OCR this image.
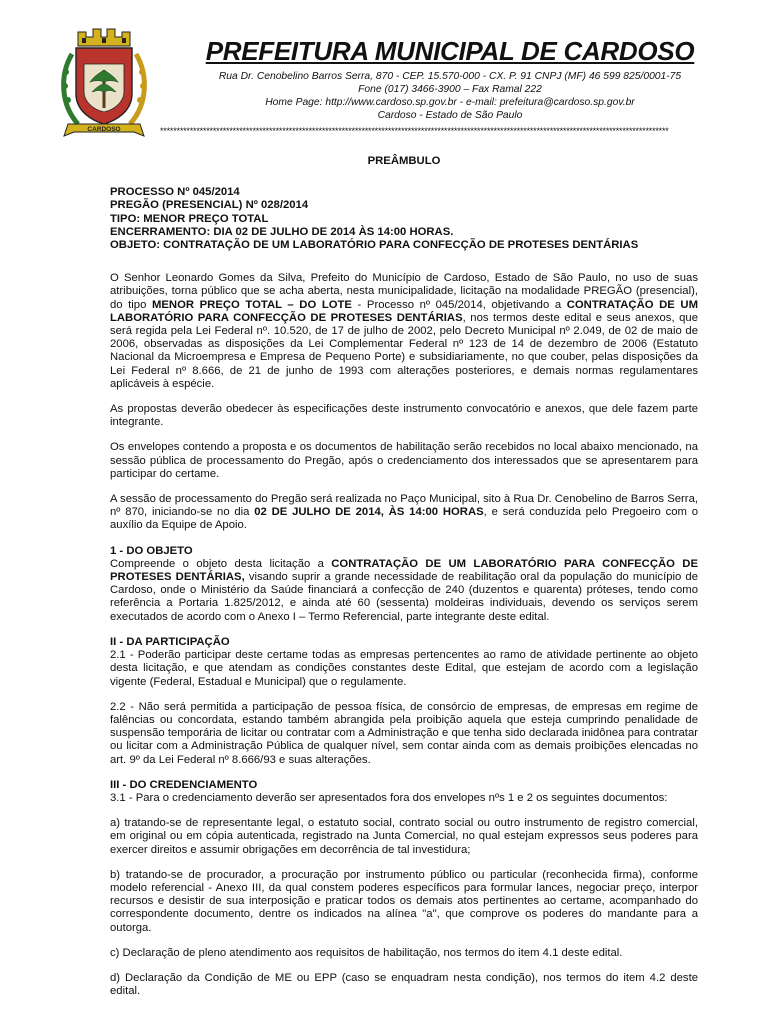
CARDOSO
PREFEITURA MUNICIPAL DE CARDOSO
Rua Dr. Cenobelino Barros Serra, 870 - CEP. 15.570-000 - CX. P. 91 CNPJ (MF) 46 599 825/0001-75
Fone (017) 3466-3900 – Fax Ramal 222
Home Page: http://www.cardoso.sp.gov.br - e-mail: prefeitura@cardoso.sp.gov.br
Cardoso - Estado de São Paulo
**********************************************************************************************************************************************************
PREÂMBULO
PROCESSO Nº 045/2014
PREGÃO (PRESENCIAL) Nº 028/2014
TIPO: MENOR PREÇO TOTAL
ENCERRAMENTO: DIA 02 DE JULHO DE 2014 ÀS 14:00 HORAS.
OBJETO: CONTRATAÇÃO DE UM LABORATÓRIO PARA CONFECÇÃO DE PROTESES DENTÁRIAS

O Senhor Leonardo Gomes da Silva, Prefeito do Município de Cardoso, Estado de São Paulo, no uso de suas atribuições, torna público que se acha aberta, nesta municipalidade, licitação na modalidade PREGÃO (presencial), do tipo MENOR PREÇO TOTAL – DO LOTE - Processo nº 045/2014, objetivando a CONTRATAÇÃO DE UM LABORATÓRIO PARA CONFECÇÃO DE PROTESES DENTÁRIAS, nos termos deste edital e seus anexos, que será regida pela Lei Federal nº. 10.520, de 17 de julho de 2002, pelo Decreto Municipal nº 2.049, de 02 de maio de 2006, observadas as disposições da Lei Complementar Federal nº 123 de 14 de dezembro de 2006 (Estatuto Nacional da Microempresa e Empresa de Pequeno Porte) e subsidiariamente, no que couber, pelas disposições da Lei Federal nº 8.666, de 21 de junho de 1993 com alterações posteriores, e demais normas regulamentares aplicáveis à espécie.

As propostas deverão obedecer às especificações deste instrumento convocatório e anexos, que dele fazem parte integrante.

Os envelopes contendo a proposta e os documentos de habilitação serão recebidos no local abaixo mencionado, na sessão pública de processamento do Pregão, após o credenciamento dos interessados que se apresentarem para participar do certame.

A sessão de processamento do Pregão será realizada no Paço Municipal, sito à Rua Dr. Cenobelino de Barros Serra, nº 870, iniciando-se no dia 02 DE JULHO DE 2014, ÀS 14:00 HORAS, e será conduzida pelo Pregoeiro com o auxílio da Equipe de Apoio.

1 - DO OBJETO

Compreende o objeto desta licitação a CONTRATAÇÃO DE UM LABORATÓRIO PARA CONFECÇÃO DE PROTESES DENTÁRIAS, visando suprir a grande necessidade de reabilitação oral da população do município de Cardoso, onde o Ministério da Saúde financiará a confecção de 240 (duzentos e quarenta) próteses, tendo como referência a Portaria 1.825/2012, e ainda até 60 (sessenta) moldeiras individuais, devendo os serviços serem executados de acordo com o Anexo I – Termo Referencial, parte integrante deste edital.

II - DA PARTICIPAÇÃO

2.1 - Poderão participar deste certame todas as empresas pertencentes ao ramo de atividade pertinente ao objeto desta licitação, e que atendam as condições constantes deste Edital, que estejam de acordo com a legislação vigente (Federal, Estadual e Municipal) que o regulamente.

2.2 - Não será permitida a participação de pessoa física, de consórcio de empresas, de empresas em regime de falências ou concordata, estando também abrangida pela proibição aquela que esteja cumprindo penalidade de suspensão temporária de licitar ou contratar com a Administração e que tenha sido declarada inidônea para contratar ou licitar com a Administração Pública de qualquer nível, sem contar ainda com as demais proibições elencadas no art. 9º da Lei Federal nº 8.666/93 e suas alterações.

III - DO CREDENCIAMENTO

3.1 - Para o credenciamento deverão ser apresentados fora dos envelopes nºs 1 e 2 os seguintes documentos:

a) tratando-se de representante legal, o estatuto social, contrato social ou outro instrumento de registro comercial, em original ou em cópia autenticada, registrado na Junta Comercial, no qual estejam expressos seus poderes para exercer direitos e assumir obrigações em decorrência de tal investidura;

b) tratando-se de procurador, a procuração por instrumento público ou particular (reconhecida firma), conforme modelo referencial - Anexo III, da qual constem poderes específicos para formular lances, negociar preço, interpor recursos e desistir de sua interposição e praticar todos os demais atos pertinentes ao certame, acompanhado do correspondente documento, dentre os indicados na alínea "a", que comprove os poderes do mandante para a outorga.

c) Declaração de pleno atendimento aos requisitos de habilitação, nos termos do item 4.1 deste edital.

d) Declaração da Condição de ME ou EPP (caso se enquadram nesta condição), nos termos do item 4.2 deste edital.
